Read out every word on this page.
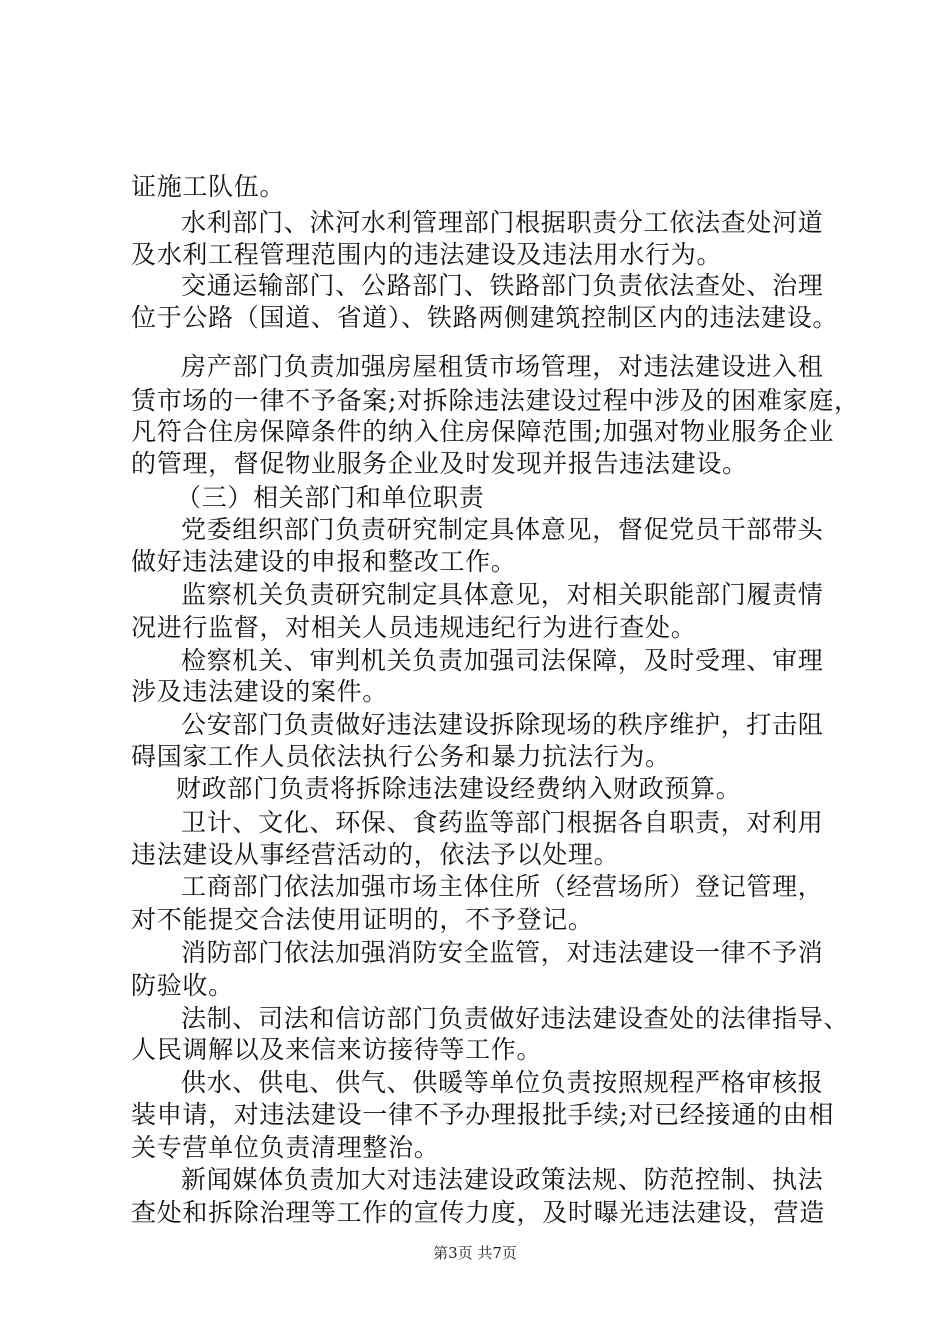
证施工队伍。
水利部门、沭河水利管理部门根据职责分工依法查处河道
及水利工程管理范围内的违法建设及违法用水行为。
交通运输部门、公路部门、铁路部门负责依法查处、治理
位于公路（国道、省道）、铁路两侧建筑控制区内的违法建设。
房产部门负责加强房屋租赁市场管理，对违法建设进入租
赁市场的一律不予备案;对拆除违法建设过程中涉及的困难家庭，
凡符合住房保障条件的纳入住房保障范围;加强对物业服务企业
的管理，督促物业服务企业及时发现并报告违法建设。
（三）相关部门和单位职责
党委组织部门负责研究制定具体意见，督促党员干部带头
做好违法建设的申报和整改工作。
监察机关负责研究制定具体意见，对相关职能部门履责情
况进行监督，对相关人员违规违纪行为进行查处。
检察机关、审判机关负责加强司法保障，及时受理、审理
涉及违法建设的案件。
公安部门负责做好违法建设拆除现场的秩序维护，打击阻
碍国家工作人员依法执行公务和暴力抗法行为。
财政部门负责将拆除违法建设经费纳入财政预算。
卫计、文化、环保、食药监等部门根据各自职责，对利用
违法建设从事经营活动的，依法予以处理。
工商部门依法加强市场主体住所（经营场所）登记管理，
对不能提交合法使用证明的，不予登记。
消防部门依法加强消防安全监管，对违法建设一律不予消
防验收。
法制、司法和信访部门负责做好违法建设查处的法律指导、
人民调解以及来信来访接待等工作。
供水、供电、供气、供暖等单位负责按照规程严格审核报
装申请，对违法建设一律不予办理报批手续;对已经接通的由相
关专营单位负责清理整治。
新闻媒体负责加大对违法建设政策法规、防范控制、执法
查处和拆除治理等工作的宣传力度，及时曝光违法建设，营造
第3页 共7页
